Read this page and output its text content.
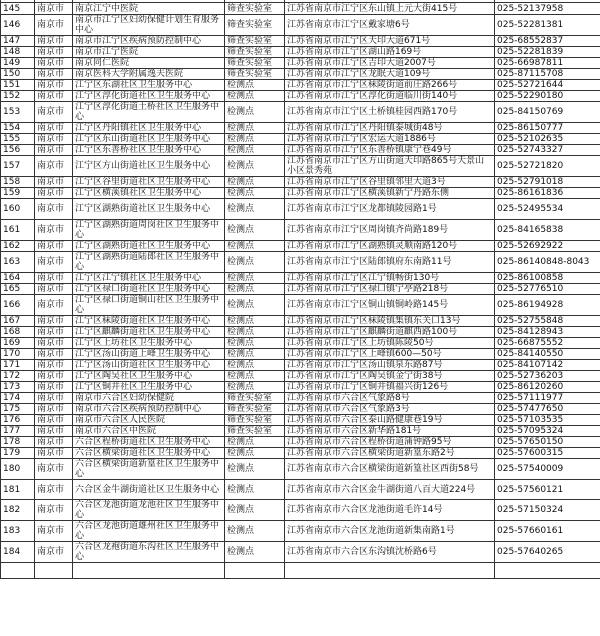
145	南京市	南京江宁中医院	筛查实验室	江苏省南京市江宁区东山镇上元大街415号	025-52137958
146	南京市	南京市江宁区妇幼保健计划生育服务中心	筛查实验室	江苏省南京市江宁区戴家塘6号	025-52281381
147	南京市	南京市江宁区疾病预防控制中心	筛查实验室	江苏省南京市江宁区天印大道671号	025-68552837
148	南京市	南京市江宁医院	筛查实验室	江苏省南京市江宁区湖山路169号	025-52281839
149	南京市	南京同仁医院	筛查实验室	江苏省南京市江宁区吉印大道2007号	025-66987811
150	南京市	南京医科大学附属逸夫医院	筛查实验室	江苏省南京市江宁区龙眠大道109号	025-87115708
151	南京市	江宁区东湖社区卫生服务中心	检测点	江苏省南京市江宁区秣陵街道前庄路266号	025-52721644
152	南京市	江宁区淳化街道社区卫生服务中心	检测点	江苏省南京市江宁区淳化街道临川街140号	025-52290180
153	南京市	江宁区淳化街道土桥社区卫生服务中心	检测点	江苏省南京市江宁区土桥镇桂园西路170号	025-84150769
154	南京市	江宁区丹阳镇社区卫生服务中心	检测点	江苏省南京市江宁区丹阳镇泰城街48号	025-86150777
155	南京市	江宁区东山街道社区卫生服务中心	检测点	江苏省南京市江宁区宏运大道1886号	025-52102635
156	南京市	江宁区东善桥社区卫生服务中心	检测点	江苏省南京市江宁区东善桥镇康宁巷49号	025-52743327
157	南京市	江宁区方山街道社区卫生服务中心	检测点	江苏省南京市江宁区方山街道天印路865号天景山小区景秀苑	025-52721820
158	南京市	江宁区谷里街道社区卫生服务中心	检测点	江苏省南京市江宁区谷里镇邻里大道3号	025-52791018
159	南京市	江宁区横溪镇社区卫生服务中心	检测点	江苏省南京市江宁区横溪镇新宁丹路东侧	025-86161836
160	南京市	江宁区湖熟街道社区卫生服务中心	检测点	江苏省南京市江宁区龙都镇陵园路1号	025-52495534
161	南京市	江宁区湖熟街道周岗社区卫生服务中心	检测点	江苏省南京市江宁区周岗镇齐尚路189号	025-84165838
162	南京市	江宁区湖熟街道社区卫生服务中心	检测点	江苏省南京市江宁区湖熟镇灵顺南路120号	025-52692922
163	南京市	江宁区湖熟街道陆郎社区卫生服务中心	检测点	江苏省南京市江宁区陆郎镇府东南路11号	025-86140848-8043
164	南京市	江宁区江宁镇社区卫生服务中心	检测点	江苏省南京市江宁区江宁镇畅街130号	025-86100858
165	南京市	江宁区禄口街道社区卫生服务中心	检测点	江苏省南京市江宁区禄口镇宁亭路218号	025-52776510
166	南京市	江宁区禄口街道铜山社区卫生服务中心	检测点	江苏省南京市江宁区铜山镇铜岭路145号	025-86194928
167	南京市	江宁区秣陵街道社区卫生服务中心	检测点	江苏省南京市江宁区秣陵镇集镇东关口13号	025-52755848
168	南京市	江宁区麒麟街道社区卫生服务中心	检测点	江苏省南京市江宁区麒麟街道麒西路100号	025-84128943
169	南京市	江宁区上坊社区卫生服务中心	检测点	江苏省南京市江宁区上坊镇陈陵50号	025-66875552
170	南京市	江宁区汤山街道上峰卫生服务中心	检测点	江苏省南京市江宁区上峰镇600—50号	025-84140550
171	南京市	江宁区汤山街道社区卫生服务中心	检测点	江苏省南京市江宁区汤山镇泉东路87号	025-84107142
172	南京市	江宁区陶吴社区卫生服务中心	检测点	江苏省南京市江宁区陶吴镇金宁街38号	025-52736203
173	南京市	江宁区铜井社区卫生服务中心	检测点	江苏省南京市江宁区铜井镇福兴街126号	025-86120260
174	南京市	南京市六合区妇幼保健院	筛查实验室	江苏省南京市六合区气象路8号	025-57111977
175	南京市	南京市六合区疾病预防控制中心	筛查实验室	江苏省南京市六合区气象路3号	025-57477650
176	南京市	南京市六合区人民医院	筛查实验室	江苏省南京市六合区泰山路健康巷19号	025-57103535
177	南京市	南京市六合区中医院	筛查实验室	江苏省南京市六合区新华路181号	025-57095324
178	南京市	六合区程桥街道社区卫生服务中心	检测点	江苏省南京市六合区程桥街道蒲钟路95号	025-57650150
179	南京市	六合区横梁街道社区卫生服务中心	检测点	江苏省南京市六合区横梁街道新篁东路2号	025-57600315
180	南京市	六合区横梁街道新篁社区卫生服务中心	检测点	江苏省南京市六合区横梁街道新篁社区西街58号	025-57540009
181	南京市	六合区金牛湖街道社区卫生服务中心	检测点	江苏省南京市六合区金牛湖街道八百大道224号	025-57560121
182	南京市	六合区龙池街道龙池社区卫生服务中心	检测点	江苏省南京市六合区龙池街道毛许14号	025-57150324
183	南京市	六合区龙池街道雄州社区卫生服务中心	检测点	江苏省南京市六合区龙池街道新集南路1号	025-57660161
184	南京市	六合区龙袍街道东沟社区卫生服务中心	检测点	江苏省南京市六合区东沟镇沈桥路6号	025-57640265
